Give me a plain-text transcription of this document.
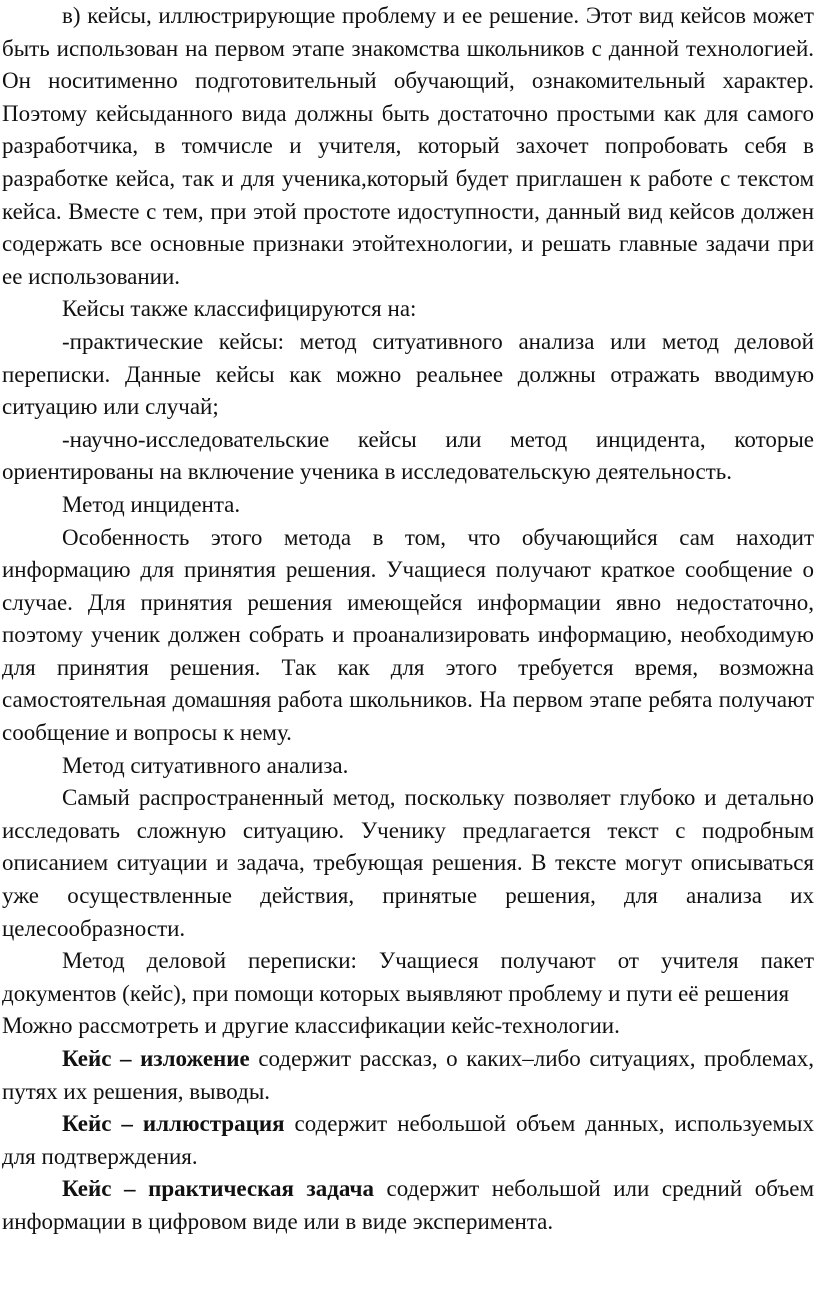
в) кейсы, иллюстрирующие проблему и ее решение. Этот вид кейсов может быть использован на первом этапе знакомства школьников с данной технологией. Он ноcитименно подготовительный обучающий, ознакомительный характер. Поэтому кейсыданного вида должны быть достаточно простыми как для самого разработчика, в томчисле и учителя, который захочет попробовать себя в разработке кейса, так и для ученика,который будет приглашен к работе с текстом кейса. Вместе с тем, при этой простоте идоступности, данный вид кейсов должен содержать все основные признаки этойтехнологии, и решать главные задачи при ее использовании.

Кейсы также классифицируются на:

-практические кейсы: метод ситуативного анализа или метод деловой переписки. Данные кейсы как можно реальнее должны отражать вводимую ситуацию или случай;

-научно-исследовательские кейсы или метод инцидента, которые ориентированы на включение ученика в исследовательскую деятельность.

Метод инцидента.

Особенность этого метода в том, что обучающийся сам находит информацию для принятия решения. Учащиеся получают краткое сообщение о случае. Для принятия решения имеющейся информации явно недостаточно, поэтому ученик должен собрать и проанализировать информацию, необходимую для принятия решения. Так как для этого требуется время, возможна самостоятельная домашняя работа школьников. На первом этапе ребята получают сообщение и вопросы к нему.

Метод ситуативного анализа.

Самый распространенный метод, поскольку позволяет глубоко и детально исследовать сложную ситуацию. Ученику предлагается текст с подробным описанием ситуации и задача, требующая решения. В тексте могут описываться уже осуществленные действия, принятые решения, для анализа их целесообразности.

Метод деловой переписки: Учащиеся получают от учителя пакет документов (кейс), при помощи которых выявляют проблему и пути её решения

Можно рассмотреть и другие классификации кейс-технологии.

Кейс – изложение содержит рассказ, о каких–либо ситуациях, проблемах, путях их решения, выводы.

Кейс – иллюстрация содержит небольшой объем данных, используемых для подтверждения.

Кейс – практическая задача содержит небольшой или средний объем информации в цифровом виде или в виде эксперимента.
